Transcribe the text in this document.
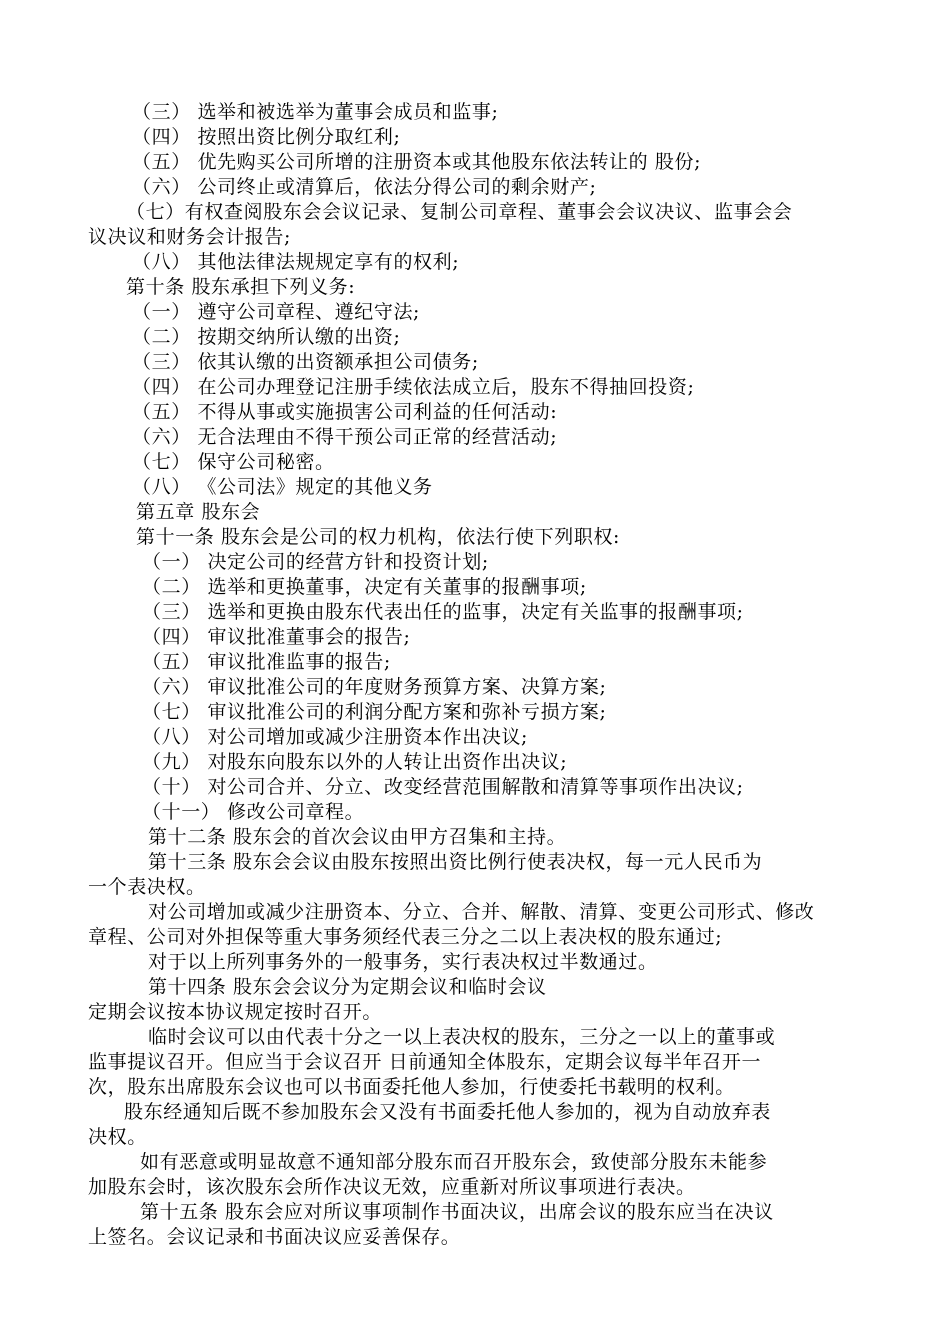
（三） 选举和被选举为董事会成员和监事;
（四） 按照出资比例分取红利;
（五） 优先购买公司所增的注册资本或其他股东依法转让的 股份;
（六） 公司终止或清算后，依法分得公司的剩余财产;
（七）有权查阅股东会会议记录、复制公司章程、董事会会议决议、监事会会
议决议和财务会计报告;
（八） 其他法律法规规定享有的权利;
第十条 股东承担下列义务:
（一） 遵守公司章程、遵纪守法;
（二） 按期交纳所认缴的出资;
（三） 依其认缴的出资额承担公司债务;
（四） 在公司办理登记注册手续依法成立后，股东不得抽回投资;
（五） 不得从事或实施损害公司利益的任何活动:
（六） 无合法理由不得干预公司正常的经营活动;
（七） 保守公司秘密。
（八） 《公司法》规定的其他义务
第五章 股东会
第十一条 股东会是公司的权力机构，依法行使下列职权:
（一） 决定公司的经营方针和投资计划;
（二） 选举和更换董事，决定有关董事的报酬事项;
（三） 选举和更换由股东代表出任的监事，决定有关监事的报酬事项;
（四） 审议批准董事会的报告;
（五） 审议批准监事的报告;
（六） 审议批准公司的年度财务预算方案、决算方案;
（七） 审议批准公司的利润分配方案和弥补亏损方案;
（八） 对公司增加或减少注册资本作出决议;
（九） 对股东向股东以外的人转让出资作出决议;
（十） 对公司合并、分立、改变经营范围解散和清算等事项作出决议;
（十一） 修改公司章程。
第十二条 股东会的首次会议由甲方召集和主持。
第十三条 股东会会议由股东按照出资比例行使表决权，每一元人民币为
一个表决权。
对公司增加或减少注册资本、分立、合并、解散、清算、变更公司形式、修改
章程、公司对外担保等重大事务须经代表三分之二以上表决权的股东通过;
对于以上所列事务外的一般事务，实行表决权过半数通过。
第十四条 股东会会议分为定期会议和临时会议
定期会议按本协议规定按时召开。
临时会议可以由代表十分之一以上表决权的股东，三分之一以上的董事或
监事提议召开。但应当于会议召开 日前通知全体股东，定期会议每半年召开一
次，股东出席股东会议也可以书面委托他人参加，行使委托书载明的权利。
股东经通知后既不参加股东会又没有书面委托他人参加的，视为自动放弃表
决权。
如有恶意或明显故意不通知部分股东而召开股东会，致使部分股东未能参
加股东会时，该次股东会所作决议无效，应重新对所议事项进行表决。
第十五条 股东会应对所议事项制作书面决议，出席会议的股东应当在决议
上签名。会议记录和书面决议应妥善保存。
